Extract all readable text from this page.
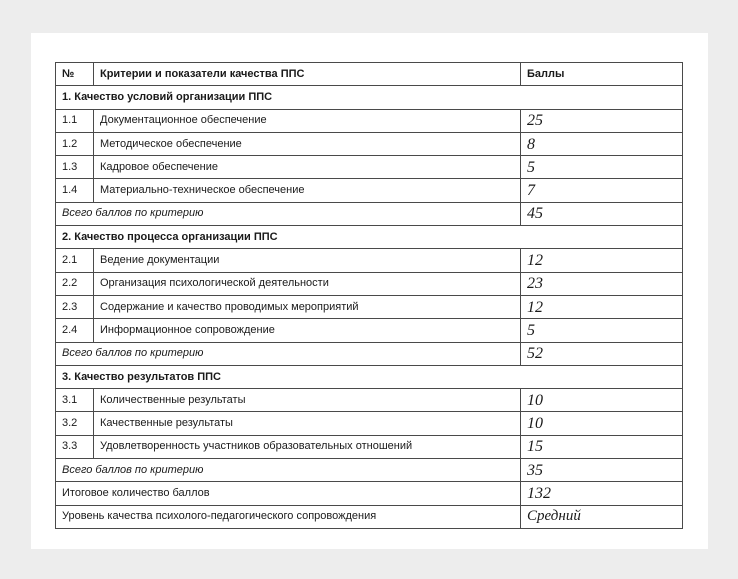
№	Критерии и показатели качества ППС	Баллы
1. Качество условий организации ППС		
1.1	Документационное обеспечение	25
1.2	Методическое обеспечение	8
1.3	Кадровое обеспечение	5
1.4	Материально-техническое обеспечение	7
Всего баллов по критерию		45
2. Качество процесса организации ППС		
2.1	Ведение документации	12
2.2	Организация психологической деятельности	23
2.3	Содержание и качество проводимых мероприятий	12
2.4	Информационное сопровождение	5
Всего баллов по критерию		52
3. Качество результатов ППС		
3.1	Количественные результаты	10
3.2	Качественные результаты	10
3.3	Удовлетворенность участников образовательных отношений	15
Всего баллов по критерию		35
Итоговое количество баллов		132
Уровень качества психолого-педагогического сопровождения		Средний
